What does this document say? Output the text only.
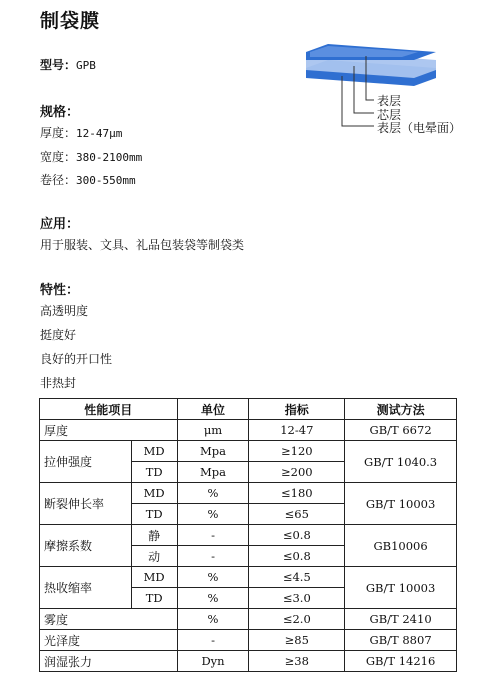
制袋膜
型号：GPB
规格：
厚度：12-47μm
宽度：380-2100mm
卷径：300-550mm
应用：
用于服装、文具、礼品包装袋等制袋类
特性：
高透明度
挺度好
良好的开口性
非热封
表层
芯层
表层（电晕面）
性能项目		单位	指标	测试方法
厚度		μm	12-47	GB/T 6672
拉伸强度	MD	Mpa	≥120	GB/T 1040.3
	TD	Mpa	≥200	
断裂伸长率	MD	%	≤180	GB/T 10003
	TD	%	≤65	
摩擦系数	静	-	≤0.8	GB10006
	动	-	≤0.8	
热收缩率	MD	%	≤4.5	GB/T 10003
	TD	%	≤3.0	
雾度		%	≤2.0	GB/T 2410
光泽度		-	≥85	GB/T 8807
润湿张力		Dyn	≥38	GB/T 14216
